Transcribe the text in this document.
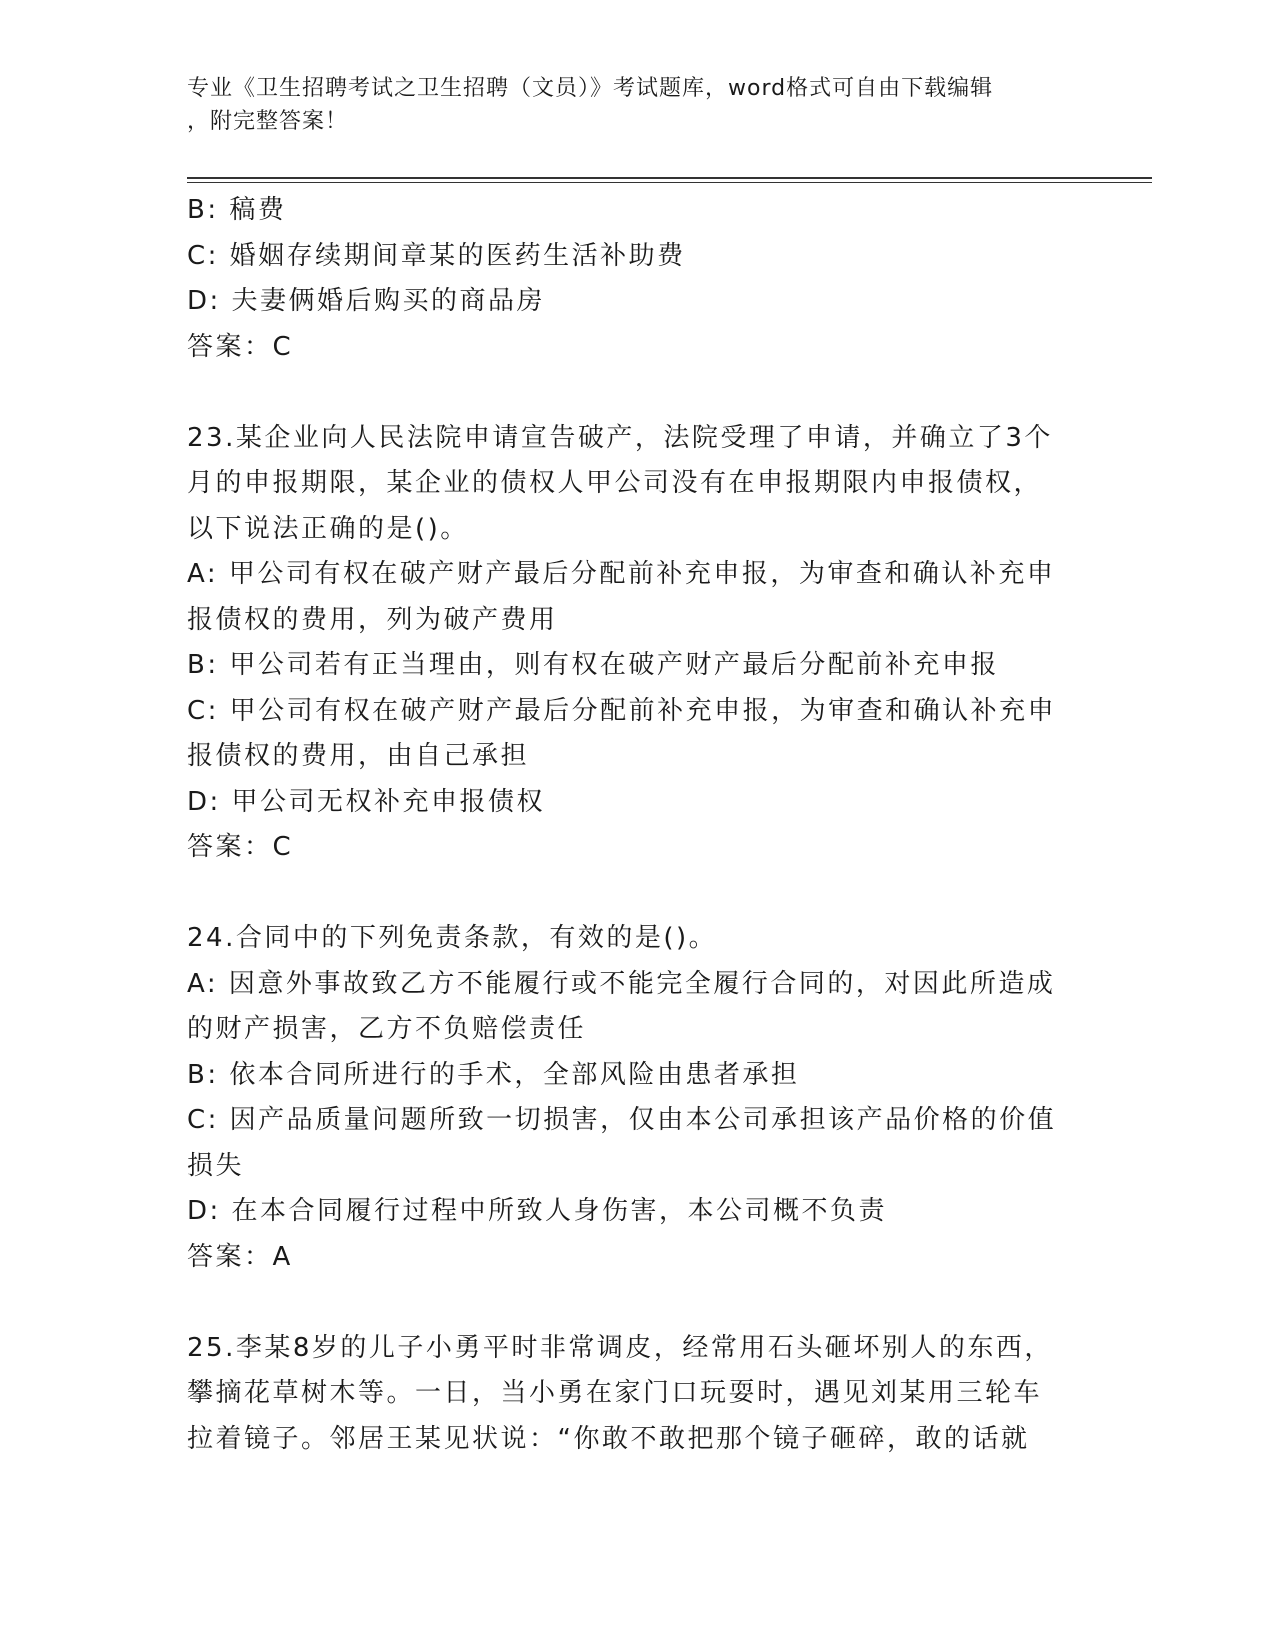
专业《卫生招聘考试之卫生招聘（文员）》考试题库，word格式可自由下载编辑
，附完整答案！
B: 稿费
C: 婚姻存续期间章某的医药生活补助费
D: 夫妻俩婚后购买的商品房
答案：C
23.某企业向人民法院申请宣告破产，法院受理了申请，并确立了3个
月的申报期限，某企业的债权人甲公司没有在申报期限内申报债权，
以下说法正确的是()。
A: 甲公司有权在破产财产最后分配前补充申报，为审查和确认补充申
报债权的费用，列为破产费用
B: 甲公司若有正当理由，则有权在破产财产最后分配前补充申报
C: 甲公司有权在破产财产最后分配前补充申报，为审查和确认补充申
报债权的费用，由自己承担
D: 甲公司无权补充申报债权
答案：C
24.合同中的下列免责条款，有效的是()。
A: 因意外事故致乙方不能履行或不能完全履行合同的，对因此所造成
的财产损害，乙方不负赔偿责任
B: 依本合同所进行的手术，全部风险由患者承担
C: 因产品质量问题所致一切损害，仅由本公司承担该产品价格的价值
损失
D: 在本合同履行过程中所致人身伤害，本公司概不负责
答案：A
25.李某8岁的儿子小勇平时非常调皮，经常用石头砸坏别人的东西，
攀摘花草树木等。一日，当小勇在家门口玩耍时，遇见刘某用三轮车
拉着镜子。邻居王某见状说：“你敢不敢把那个镜子砸碎，敢的话就
